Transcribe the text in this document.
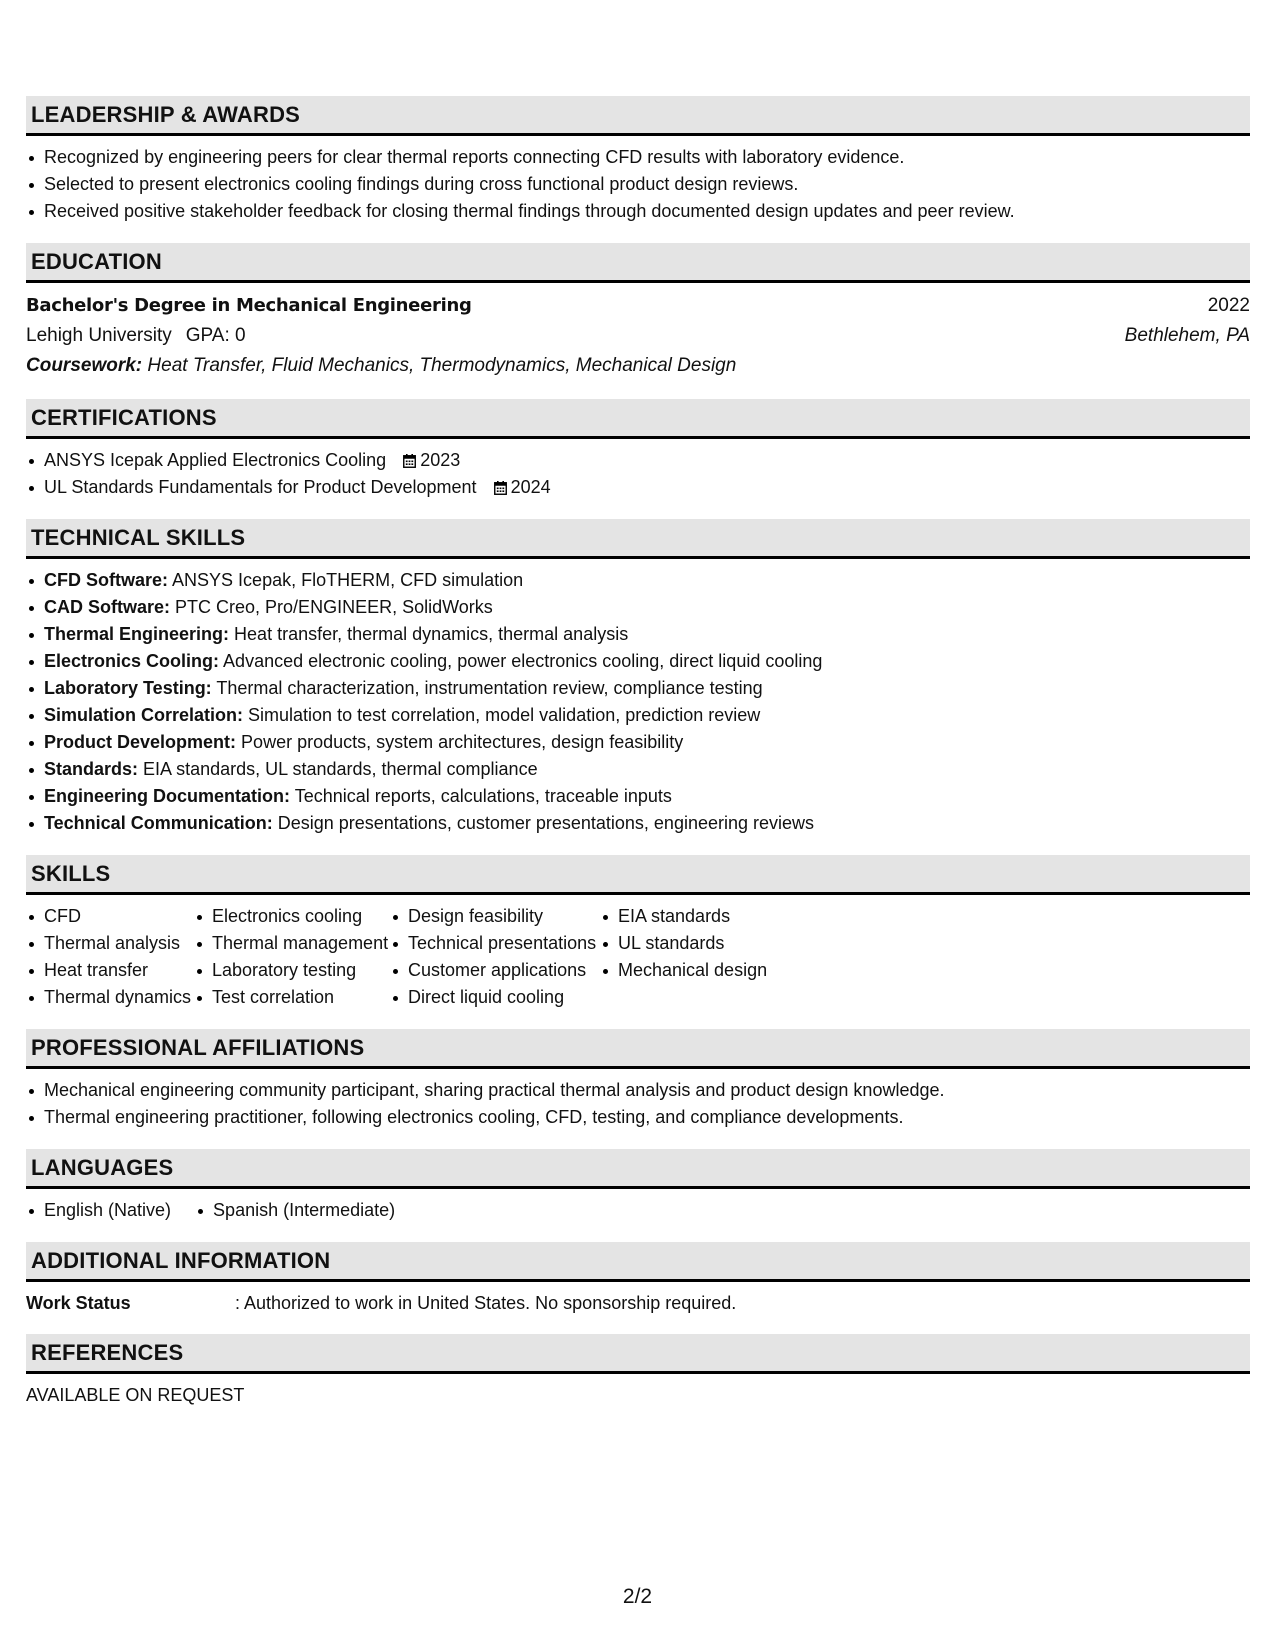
LEADERSHIP & AWARDS
Recognized by engineering peers for clear thermal reports connecting CFD results with laboratory evidence.
Selected to present electronics cooling findings during cross functional product design reviews.
Received positive stakeholder feedback for closing thermal findings through documented design updates and peer review.
EDUCATION
Bachelor's Degree in Mechanical Engineering	2022
Lehigh University GPA: 0	Bethlehem, PA
Coursework: Heat Transfer, Fluid Mechanics, Thermodynamics, Mechanical Design
CERTIFICATIONS
ANSYS Icepak Applied Electronics Cooling 2023
UL Standards Fundamentals for Product Development 2024
TECHNICAL SKILLS
CFD Software: ANSYS Icepak, FloTHERM, CFD simulation
CAD Software: PTC Creo, Pro/ENGINEER, SolidWorks
Thermal Engineering: Heat transfer, thermal dynamics, thermal analysis
Electronics Cooling: Advanced electronic cooling, power electronics cooling, direct liquid cooling
Laboratory Testing: Thermal characterization, instrumentation review, compliance testing
Simulation Correlation: Simulation to test correlation, model validation, prediction review
Product Development: Power products, system architectures, design feasibility
Standards: EIA standards, UL standards, thermal compliance
Engineering Documentation: Technical reports, calculations, traceable inputs
Technical Communication: Design presentations, customer presentations, engineering reviews
SKILLS
CFD
Thermal analysis
Heat transfer
Thermal dynamics
Electronics cooling
Thermal management
Laboratory testing
Test correlation
Design feasibility
Technical presentations
Customer applications
Direct liquid cooling
EIA standards
UL standards
Mechanical design
PROFESSIONAL AFFILIATIONS
Mechanical engineering community participant, sharing practical thermal analysis and product design knowledge.
Thermal engineering practitioner, following electronics cooling, CFD, testing, and compliance developments.
LANGUAGES
English (Native)	Spanish (Intermediate)
ADDITIONAL INFORMATION
Work Status	: Authorized to work in United States. No sponsorship required.
REFERENCES
AVAILABLE ON REQUEST
2/2
